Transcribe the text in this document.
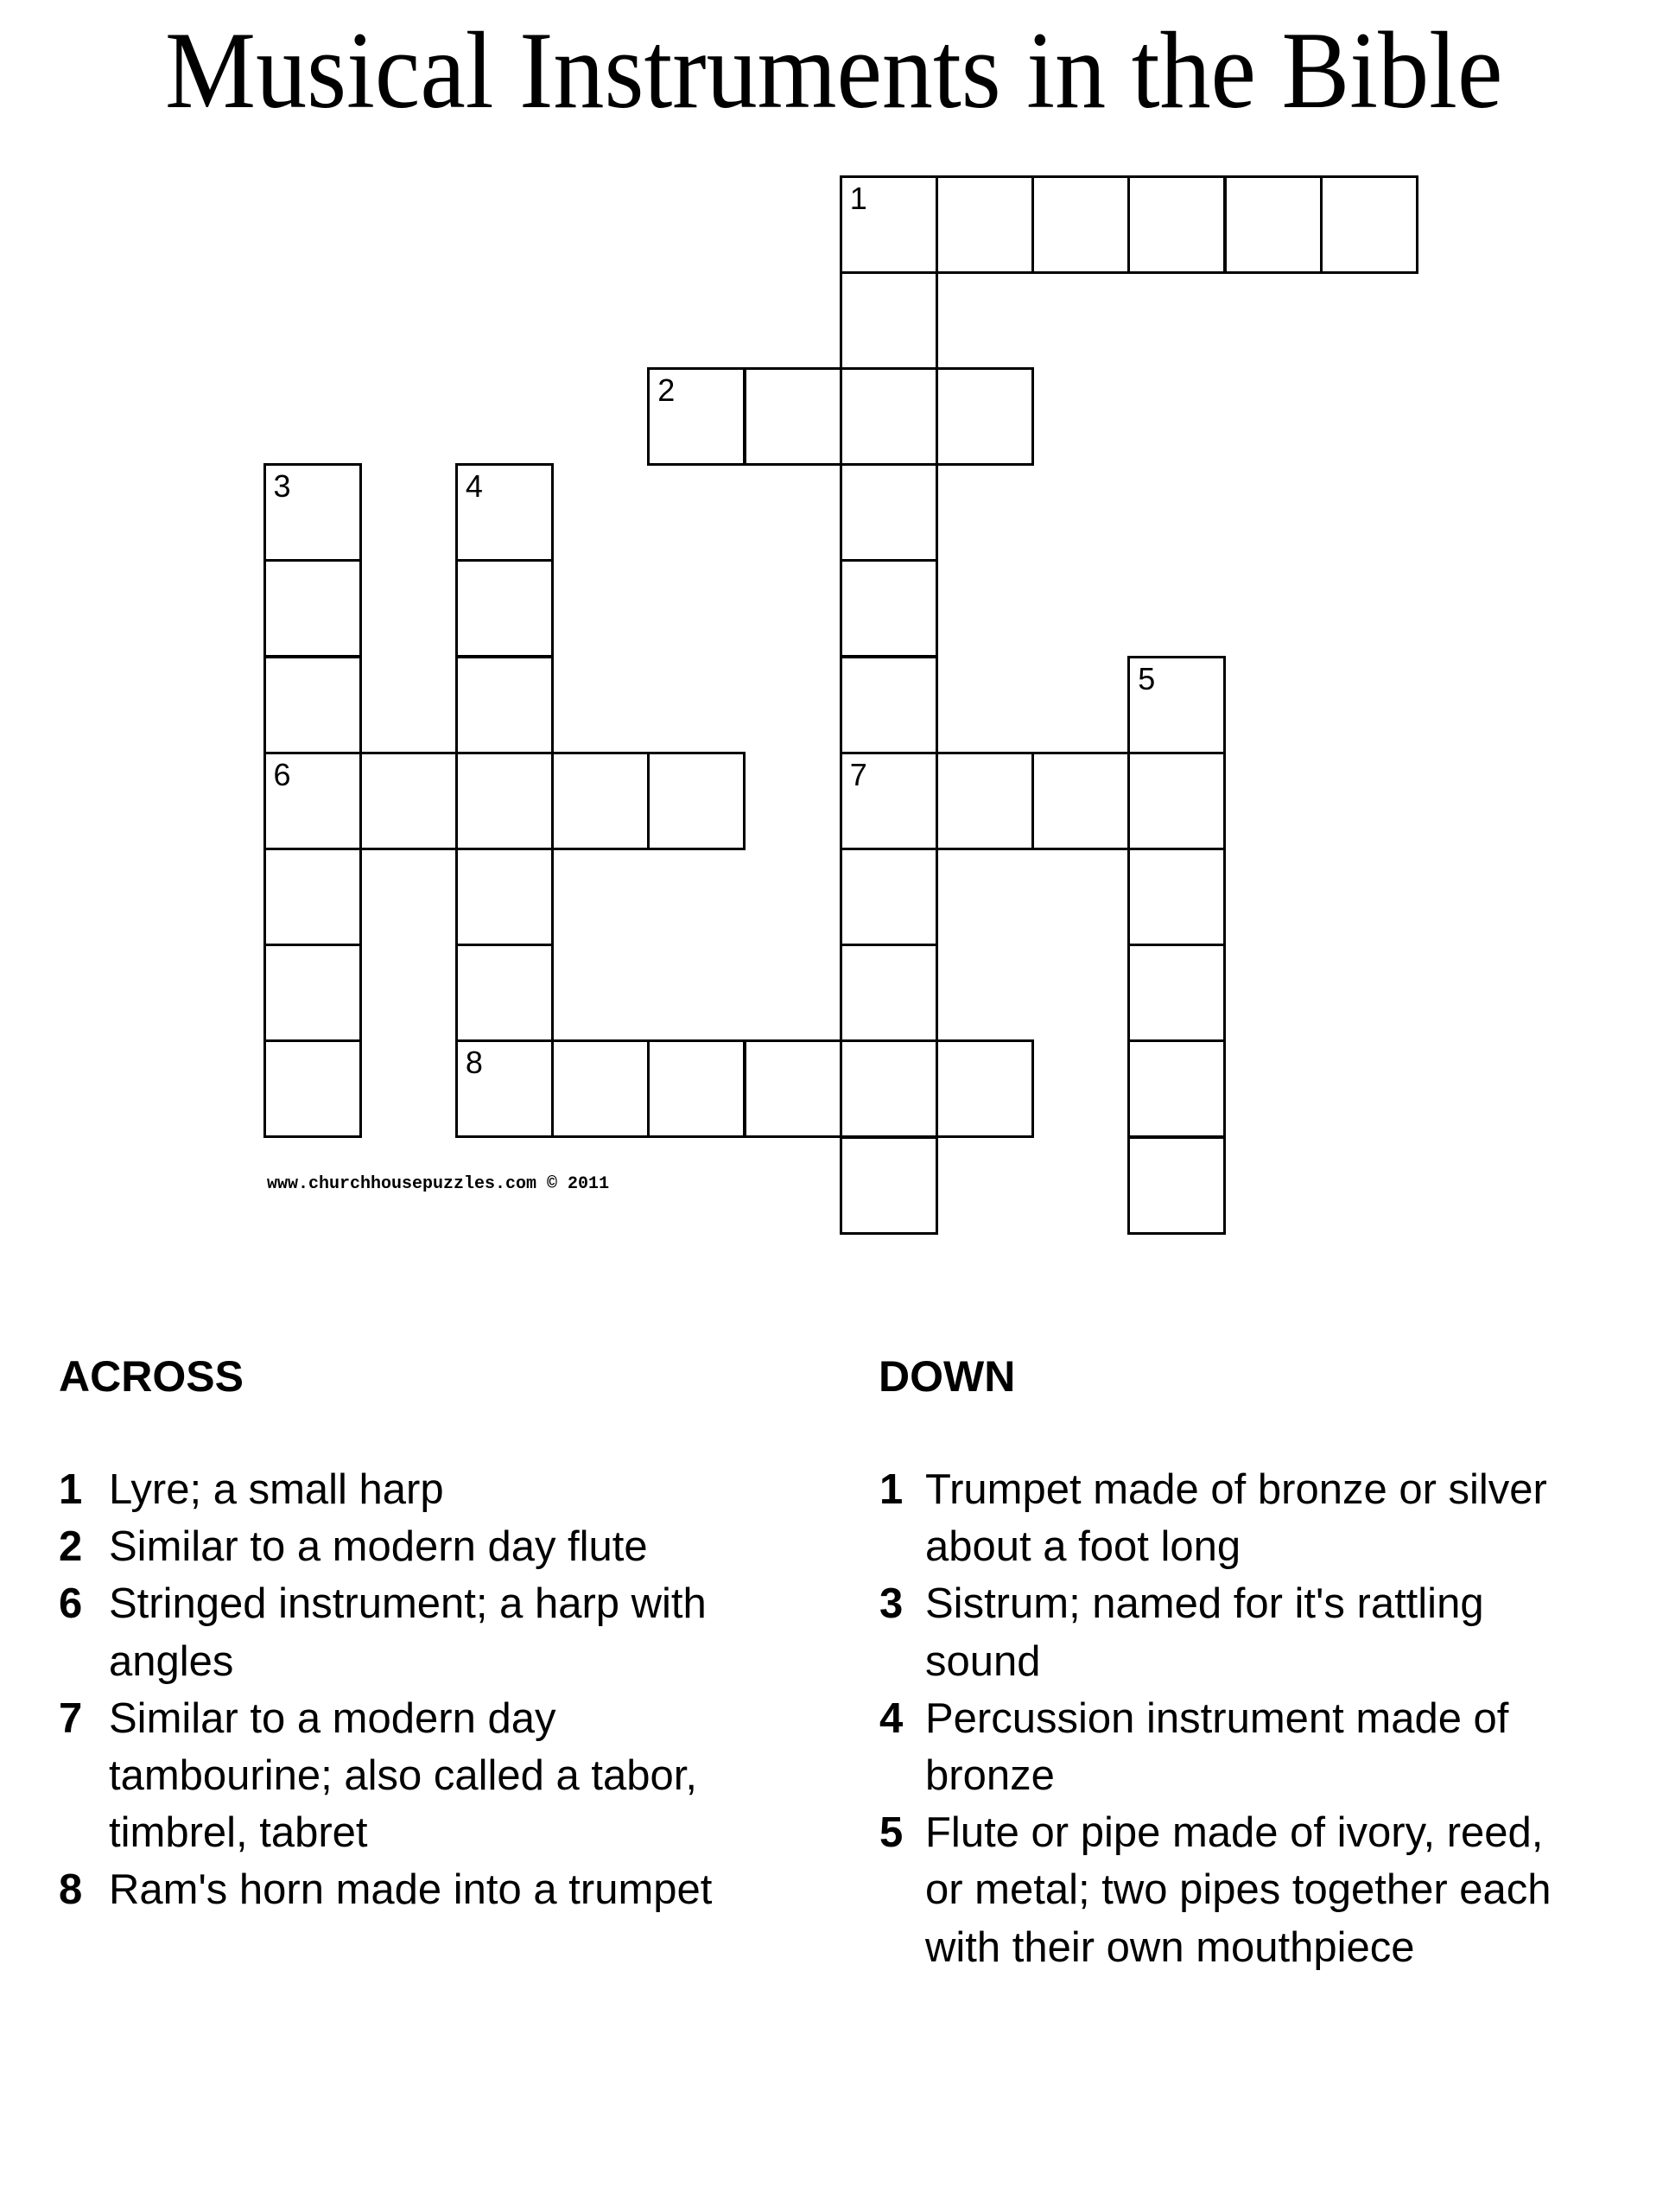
Musical Instruments in the Bible
1
2
3	4
5
6	7
8
www.churchhousepuzzles.com © 2011
ACROSS	DOWN
1 Lyre; a small harp
2 Similar to a modern day flute
6 Stringed instrument; a harp with
angles
7 Similar to a modern day
tambourine; also called a tabor,
timbrel, tabret
8 Ram's horn made into a trumpet
1 Trumpet made of bronze or silver
about a foot long
3 Sistrum; named for it's rattling
sound
4 Percussion instrument made of
bronze
5 Flute or pipe made of ivory, reed,
or metal; two pipes together each
with their own mouthpiece
